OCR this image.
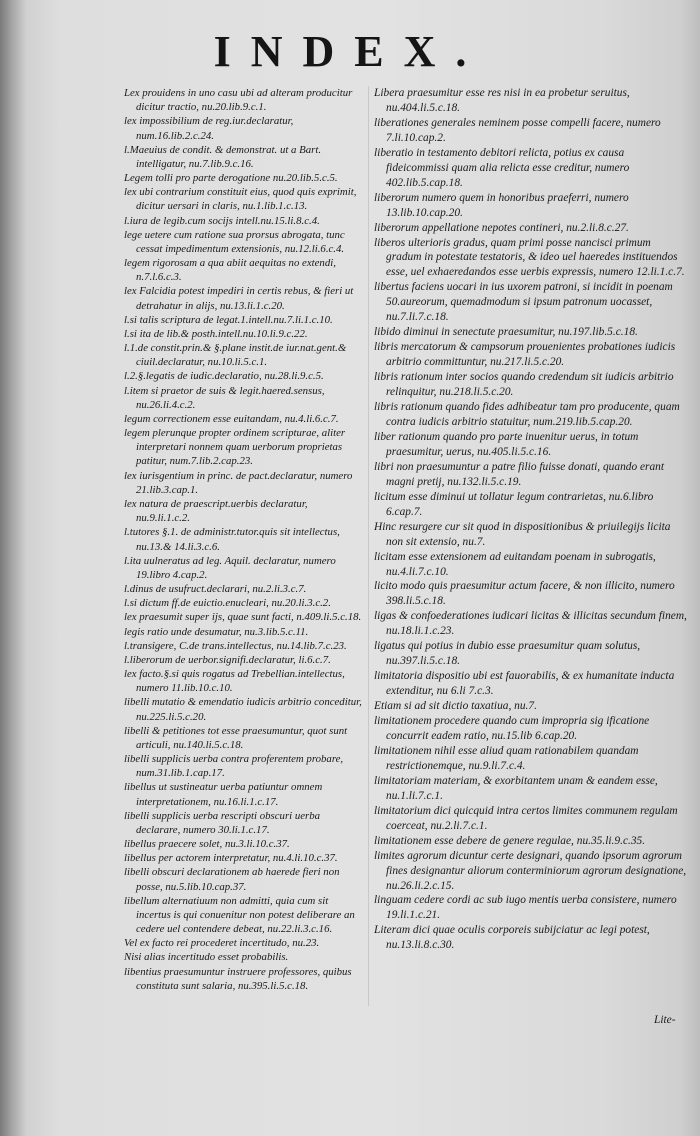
INDEX.
Lex prouidens in uno casu ubi ad alteram producitur dicitur tractio, nu.20.lib.9.c.1.
lex impossibilium de reg.iur.declaratur, num.16.lib.2.c.24.
l.Maeuius de condit. & demonstrat. ut a Bart. intelligatur, nu.7.lib.9.c.16.
Legem tolli pro parte derogatione nu.20.lib.5.c.5.
lex ubi contrarium constituit eius, quod quis exprimit, dicitur uersari in claris, nu.1.lib.1.c.13.
l.iura de legib.cum socijs intell.nu.15.li.8.c.4.
lege uetere cum ratione sua prorsus abrogata, tunc cessat impedimentum extensionis, nu.12.li.6.c.4.
legem rigorosam a qua abiit aequitas no extendi, n.7.l.6.c.3.
lex Falcidia potest impediri in certis rebus, & fieri ut detrahatur in alijs, nu.13.li.1.c.20.
l.si talis scriptura de legat.1.intell.nu.7.li.1.c.10.
l.si ita de lib.& posth.intell.nu.10.li.9.c.22.
l.1.de constit.prin.& §.plane instit.de iur.nat.gent.& ciuil.declaratur, nu.10.li.5.c.1.
l.2.§.legatis de iudic.declaratio, nu.28.li.9.c.5.
l.item si praetor de suis & legit.haered.sensus, nu.26.li.4.c.2.
legum correctionem esse euitandam, nu.4.li.6.c.7.
legem plerunque propter ordinem scripturae, aliter interpretari nonnem quam uerborum proprietas patitur, num.7.lib.2.cap.23.
lex iurisgentium in princ. de pact.declaratur, numero 21.lib.3.cap.1.
lex natura de praescript.uerbis declaratur, nu.9.li.1.c.2.
l.tutores §.1. de administr.tutor.quis sit intellectus, nu.13.& 14.li.3.c.6.
l.ita uulneratus ad leg. Aquil. declaratur, numero 19.libro 4.cap.2.
l.dinus de usufruct.declarari, nu.2.li.3.c.7.
l.si dictum ff.de euictio.enucleari, nu.20.li.3.c.2.
lex praesumit super ijs, quae sunt facti, n.409.li.5.c.18.
legis ratio unde desumatur, nu.3.lib.5.c.11.
l.transigere, C.de trans.intellectus, nu.14.lib.7.c.23.
l.liberorum de uerbor.signifi.declaratur, li.6.c.7.
lex facto.§.si quis rogatus ad Trebellian.intellectus, numero 11.lib.10.c.10.
libelli mutatio & emendatio iudicis arbitrio conceditur, nu.225.li.5.c.20.
libelli & petitiones tot esse praesumuntur, quot sunt articuli, nu.140.li.5.c.18.
libelli supplicis uerba contra proferentem probare, num.31.lib.1.cap.17.
libellus ut sustineatur uerba patiuntur omnem interpretationem, nu.16.li.1.c.17.
libelli supplicis uerba rescripti obscuri uerba declarare, numero 30.li.1.c.17.
libellus praecere solet, nu.3.li.10.c.37.
libellus per actorem interpretatur, nu.4.li.10.c.37.
libelli obscuri declarationem ab haerede fieri non posse, nu.5.lib.10.cap.37.
libellum alternatiuum non admitti, quia cum sit incertus is qui conuenitur non potest deliberare an cedere uel contendere debeat, nu.22.li.3.c.16.
Vel ex facto rei procederet incertitudo, nu.23.
Nisi alias incertitudo esset probabilis.
libentius praesumuntur instruere professores, quibus constituta sunt salaria, nu.395.li.5.c.18.
Libera praesumitur esse res nisi in ea probetur seruitus, nu.404.li.5.c.18.
liberationes generales neminem posse compelli facere, numero 7.li.10.cap.2.
liberatio in testamento debitori relicta, potius ex causa fideicommissi quam alia relicta esse creditur, numero 402.lib.5.cap.18.
liberorum numero quem in honoribus praeferri, numero 13.lib.10.cap.20.
liberorum appellatione nepotes contineri, nu.2.li.8.c.27.
liberos ulterioris gradus, quam primi posse nancisci primum gradum in potestate testatoris, & ideo uel haeredes instituendos esse, uel exhaeredandos esse uerbis expressis, numero 12.li.1.c.7.
libertus faciens uocari in ius uxorem patroni, si incidit in poenam 50.aureorum, quemadmodum si ipsum patronum uocasset, nu.7.li.7.c.18.
libido diminui in senectute praesumitur, nu.197.lib.5.c.18.
libris mercatorum & campsorum prouenientes probationes iudicis arbitrio committuntur, nu.217.li.5.c.20.
libris rationum inter socios quando credendum sit iudicis arbitrio relinquitur, nu.218.li.5.c.20.
libris rationum quando fides adhibeatur tam pro producente, quam contra iudicis arbitrio statuitur, num.219.lib.5.cap.20.
liber rationum quando pro parte inuenitur uerus, in totum praesumitur, uerus, nu.405.li.5.c.16.
libri non praesumuntur a patre filio fuisse donati, quando erant magni pretij, nu.132.li.5.c.19.
licitum esse diminui ut tollatur legum contrarietas, nu.6.libro 6.cap.7.
Hinc resurgere cur sit quod in dispositionibus & priuilegijs licita non sit extensio, nu.7.
licitam esse extensionem ad euitandam poenam in subrogatis, nu.4.li.7.c.10.
licito modo quis praesumitur actum facere, & non illicito, numero 398.li.5.c.18.
ligas & confoederationes iudicari licitas & illicitas secundum finem, nu.18.li.1.c.23.
ligatus qui potius in dubio esse praesumitur quam solutus, nu.397.li.5.c.18.
limitatoria dispositio ubi est fauorabilis, & ex humanitate inducta extenditur, nu 6.li 7.c.3.
Etiam si ad sit dictio taxatiua, nu.7.
limitationem procedere quando cum impropria sig ificatione concurrit eadem ratio, nu.15.lib 6.cap.20.
limitationem nihil esse aliud quam rationabilem quandam restrictionemque, nu.9.li.7.c.4.
limitatoriam materiam, & exorbitantem unam & eandem esse, nu.1.li.7.c.1.
limitatorium dici quicquid intra certos limites communem regulam coerceat, nu.2.li.7.c.1.
limitationem esse debere de genere regulae, nu.35.li.9.c.35.
limites agrorum dicuntur certe designari, quando ipsorum agrorum fines designantur aliorum conterminiorum agrorum designatione, nu.26.li.2.c.15.
linguam cedere cordi ac sub iugo mentis uerba consistere, numero 19.li.1.c.21.
Literam dici quae oculis corporeis subijciatur ac legi potest, nu.13.li.8.c.30.
Lite-
